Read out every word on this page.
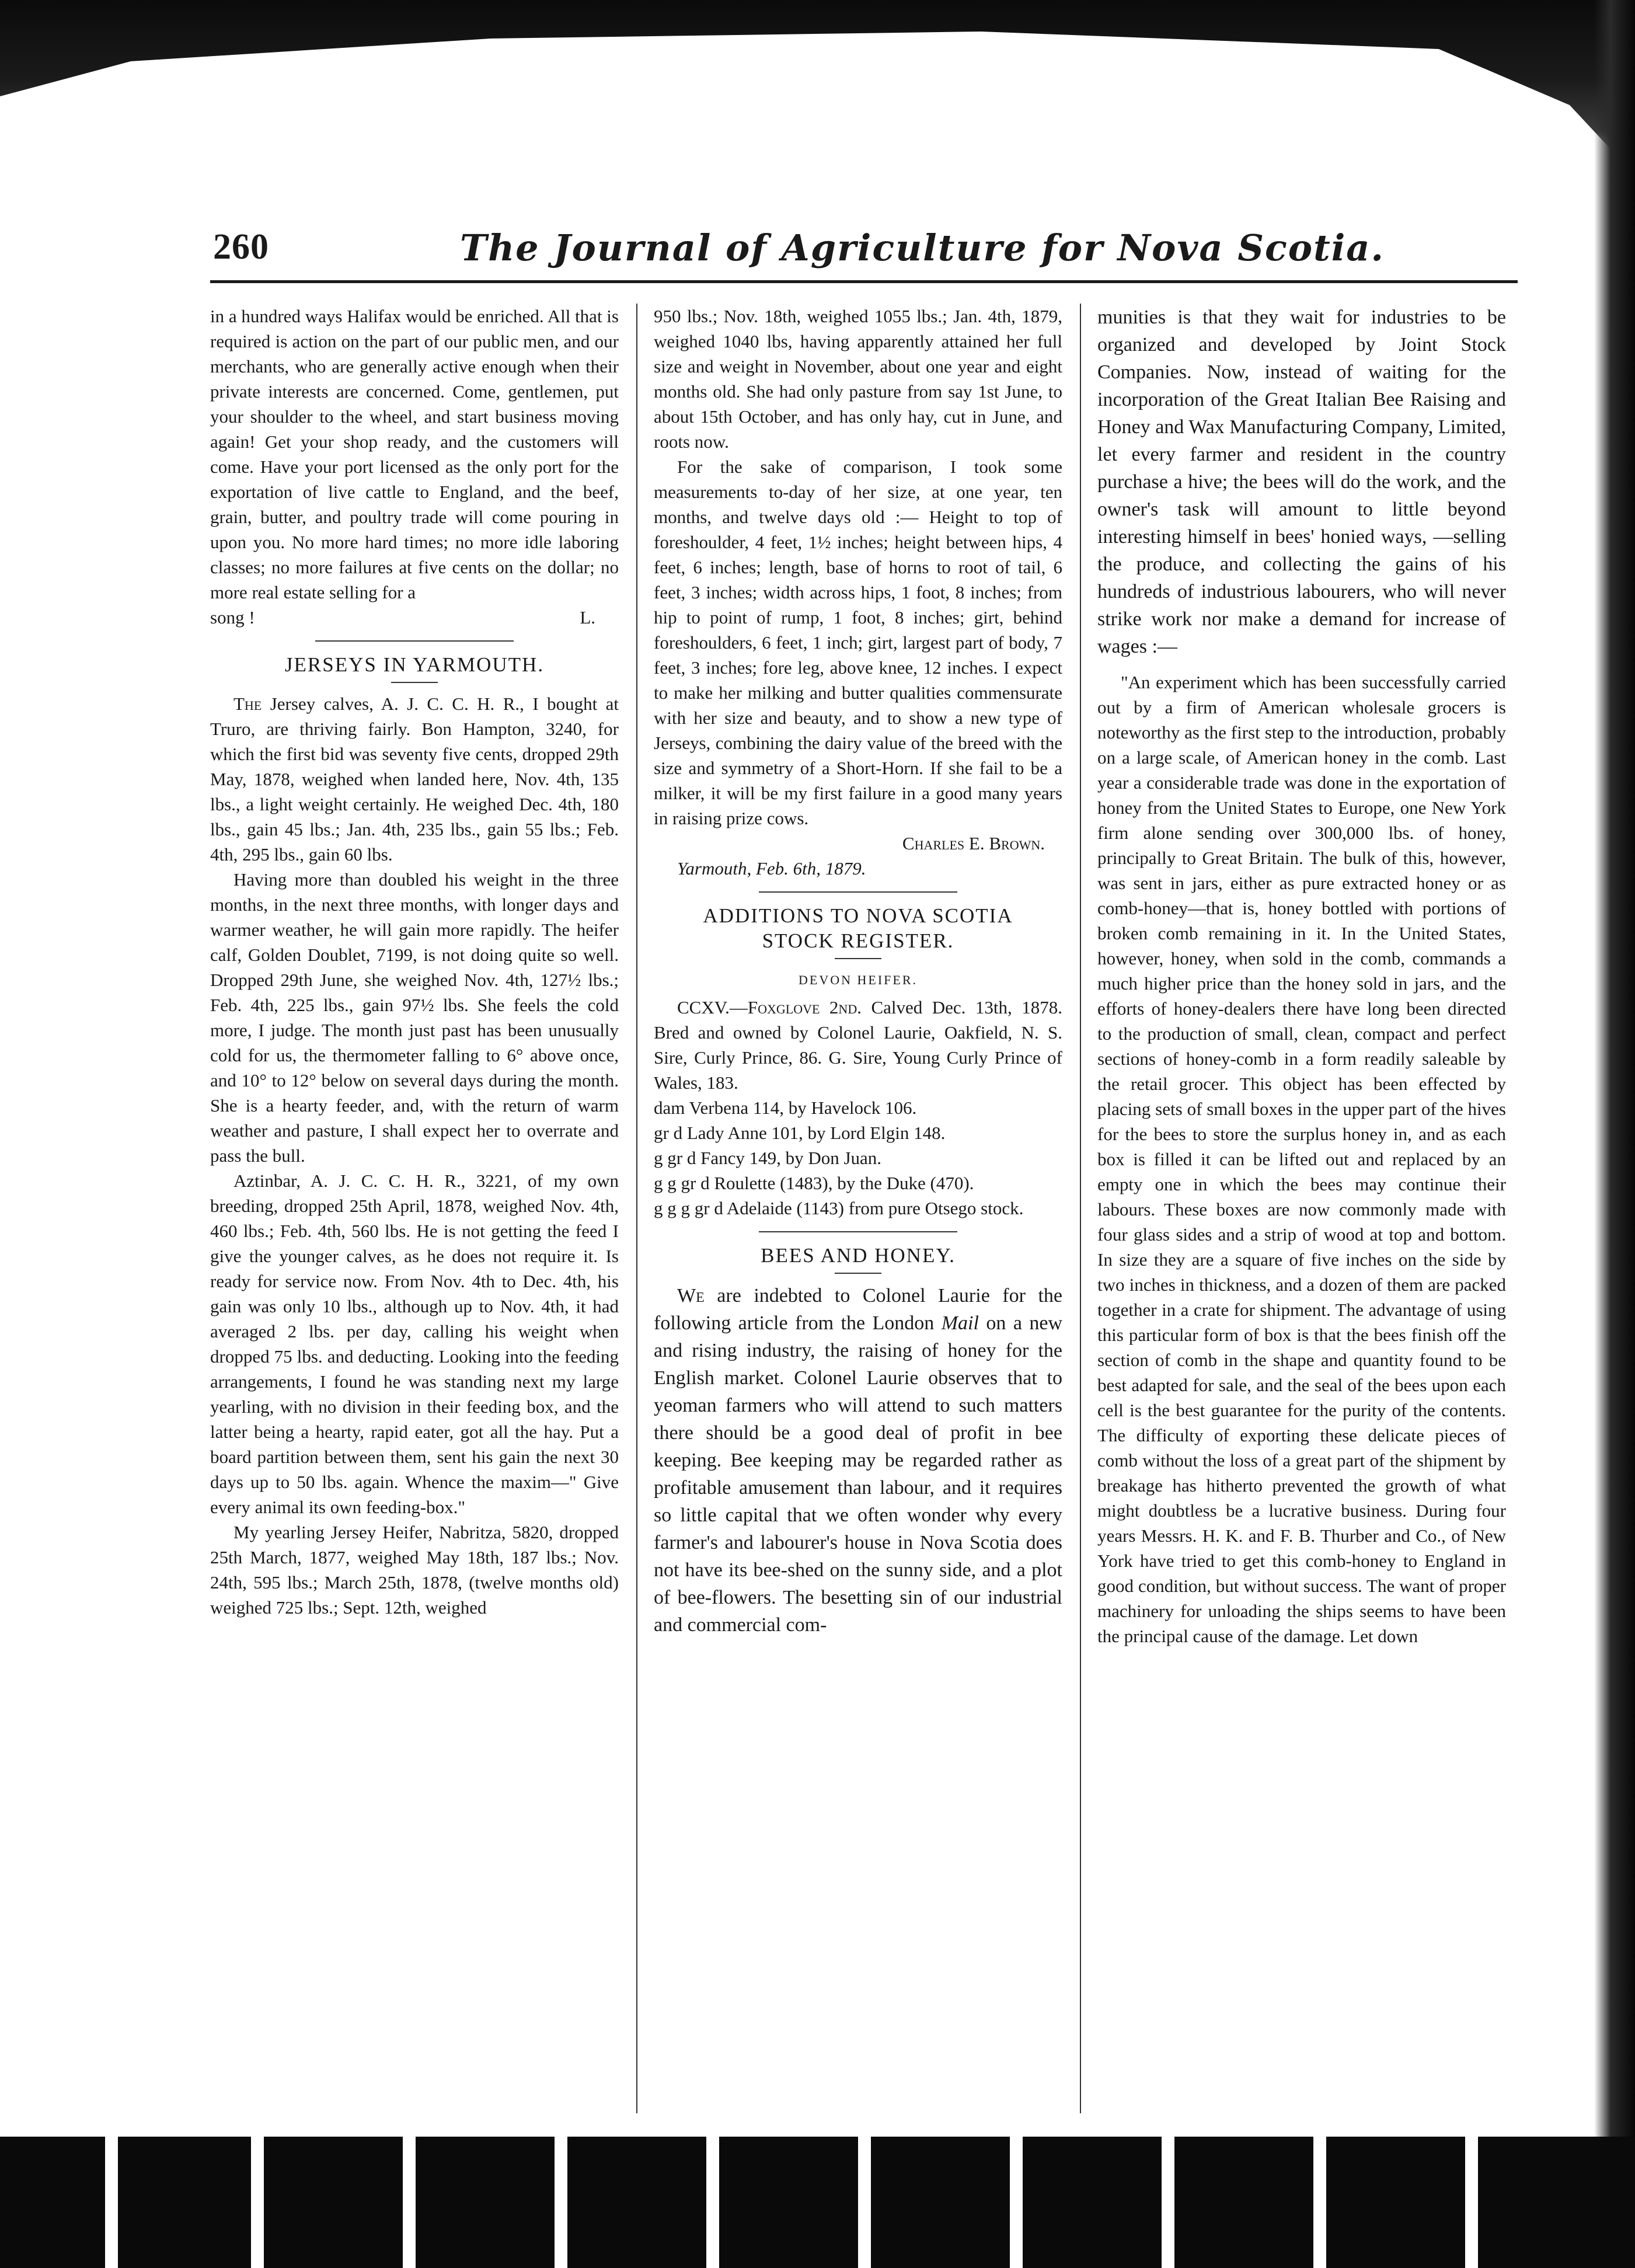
260	The Journal of Agriculture for Nova Scotia.

in a hundred ways Halifax would be enriched. All that is required is action on the part of our public men, and our merchants, who are generally active enough when their private interests are concerned. Come, gentlemen, put your shoulder to the wheel, and start business moving again! Get your shop ready, and the customers will come. Have your port licensed as the only port for the exportation of live cattle to England, and the beef, grain, butter, and poultry trade will come pouring in upon you. No more hard times; no more idle laboring classes; no more failures at five cents on the dollar; no more real estate selling for a

song !	L.
JERSEYS IN YARMOUTH.

The Jersey calves, A. J. C. C. H. R., I bought at Truro, are thriving fairly. Bon Hampton, 3240, for which the first bid was seventy five cents, dropped 29th May, 1878, weighed when landed here, Nov. 4th, 135 lbs., a light weight certainly. He weighed Dec. 4th, 180 lbs., gain 45 lbs.; Jan. 4th, 235 lbs., gain 55 lbs.; Feb. 4th, 295 lbs., gain 60 lbs.

Having more than doubled his weight in the three months, in the next three months, with longer days and warmer weather, he will gain more rapidly. The heifer calf, Golden Doublet, 7199, is not doing quite so well. Dropped 29th June, she weighed Nov. 4th, 127½ lbs.; Feb. 4th, 225 lbs., gain 97½ lbs. She feels the cold more, I judge. The month just past has been unusually cold for us, the thermometer falling to 6° above once, and 10° to 12° below on several days during the month. She is a hearty feeder, and, with the return of warm weather and pasture, I shall expect her to overrate and pass the bull.

Aztinbar, A. J. C. C. H. R., 3221, of my own breeding, dropped 25th April, 1878, weighed Nov. 4th, 460 lbs.; Feb. 4th, 560 lbs. He is not getting the feed I give the younger calves, as he does not require it. Is ready for service now. From Nov. 4th to Dec. 4th, his gain was only 10 lbs., although up to Nov. 4th, it had averaged 2 lbs. per day, calling his weight when dropped 75 lbs. and deducting. Looking into the feeding arrangements, I found he was standing next my large yearling, with no division in their feeding box, and the latter being a hearty, rapid eater, got all the hay. Put a board partition between them, sent his gain the next 30 days up to 50 lbs. again. Whence the maxim—" Give every animal its own feeding-box."

My yearling Jersey Heifer, Nabritza, 5820, dropped 25th March, 1877, weighed May 18th, 187 lbs.; Nov. 24th, 595 lbs.; March 25th, 1878, (twelve months old) weighed 725 lbs.; Sept. 12th, weighed

950 lbs.; Nov. 18th, weighed 1055 lbs.; Jan. 4th, 1879, weighed 1040 lbs, having apparently attained her full size and weight in November, about one year and eight months old. She had only pasture from say 1st June, to about 15th October, and has only hay, cut in June, and roots now.

For the sake of comparison, I took some measurements to-day of her size, at one year, ten months, and twelve days old :— Height to top of foreshoulder, 4 feet, 1½ inches; height between hips, 4 feet, 6 inches; length, base of horns to root of tail, 6 feet, 3 inches; width across hips, 1 foot, 8 inches; from hip to point of rump, 1 foot, 8 inches; girt, behind foreshoulders, 6 feet, 1 inch; girt, largest part of body, 7 feet, 3 inches; fore leg, above knee, 12 inches. I expect to make her milking and butter qualities commensurate with her size and beauty, and to show a new type of Jerseys, combining the dairy value of the breed with the size and symmetry of a Short-Horn. If she fail to be a milker, it will be my first failure in a good many years in raising prize cows.

Charles E. Brown.

Yarmouth, Feb. 6th, 1879.

ADDITIONS TO NOVA SCOTIA
STOCK REGISTER.
DEVON HEIFER.

CCXV.—Foxglove 2nd. Calved Dec. 13th, 1878. Bred and owned by Colonel Laurie, Oakfield, N. S. Sire, Curly Prince, 86. G. Sire, Young Curly Prince of Wales, 183.

dam Verbena 114, by Havelock 106.

gr d Lady Anne 101, by Lord Elgin 148.

g gr d Fancy 149, by Don Juan.

g g gr d Roulette (1483), by the Duke (470).

g g g gr d Adelaide (1143) from pure Otsego stock.

BEES AND HONEY.

We are indebted to Colonel Laurie for the following article from the London Mail on a new and rising industry, the raising of honey for the English market. Colonel Laurie observes that to yeoman farmers who will attend to such matters there should be a good deal of profit in bee keeping. Bee keeping may be regarded rather as profitable amusement than labour, and it requires so little capital that we often wonder why every farmer's and labourer's house in Nova Scotia does not have its bee-shed on the sunny side, and a plot of bee-flowers. The besetting sin of our industrial and commercial com-

munities is that they wait for industries to be organized and developed by Joint Stock Companies. Now, instead of waiting for the incorporation of the Great Italian Bee Raising and Honey and Wax Manufacturing Company, Limited, let every farmer and resident in the country purchase a hive; the bees will do the work, and the owner's task will amount to little beyond interesting himself in bees' honied ways, —selling the produce, and collecting the gains of his hundreds of industrious labourers, who will never strike work nor make a demand for increase of wages :—

"An experiment which has been successfully carried out by a firm of American wholesale grocers is noteworthy as the first step to the introduction, probably on a large scale, of American honey in the comb. Last year a considerable trade was done in the exportation of honey from the United States to Europe, one New York firm alone sending over 300,000 lbs. of honey, principally to Great Britain. The bulk of this, however, was sent in jars, either as pure extracted honey or as comb-honey—that is, honey bottled with portions of broken comb remaining in it. In the United States, however, honey, when sold in the comb, commands a much higher price than the honey sold in jars, and the efforts of honey-dealers there have long been directed to the production of small, clean, compact and perfect sections of honey-comb in a form readily saleable by the retail grocer. This object has been effected by placing sets of small boxes in the upper part of the hives for the bees to store the surplus honey in, and as each box is filled it can be lifted out and replaced by an empty one in which the bees may continue their labours. These boxes are now commonly made with four glass sides and a strip of wood at top and bottom. In size they are a square of five inches on the side by two inches in thickness, and a dozen of them are packed together in a crate for shipment. The advantage of using this particular form of box is that the bees finish off the section of comb in the shape and quantity found to be best adapted for sale, and the seal of the bees upon each cell is the best guarantee for the purity of the contents. The difficulty of exporting these delicate pieces of comb without the loss of a great part of the shipment by breakage has hitherto prevented the growth of what might doubtless be a lucrative business. During four years Messrs. H. K. and F. B. Thurber and Co., of New York have tried to get this comb-honey to England in good condition, but without success. The want of proper machinery for unloading the ships seems to have been the principal cause of the damage. Let down
